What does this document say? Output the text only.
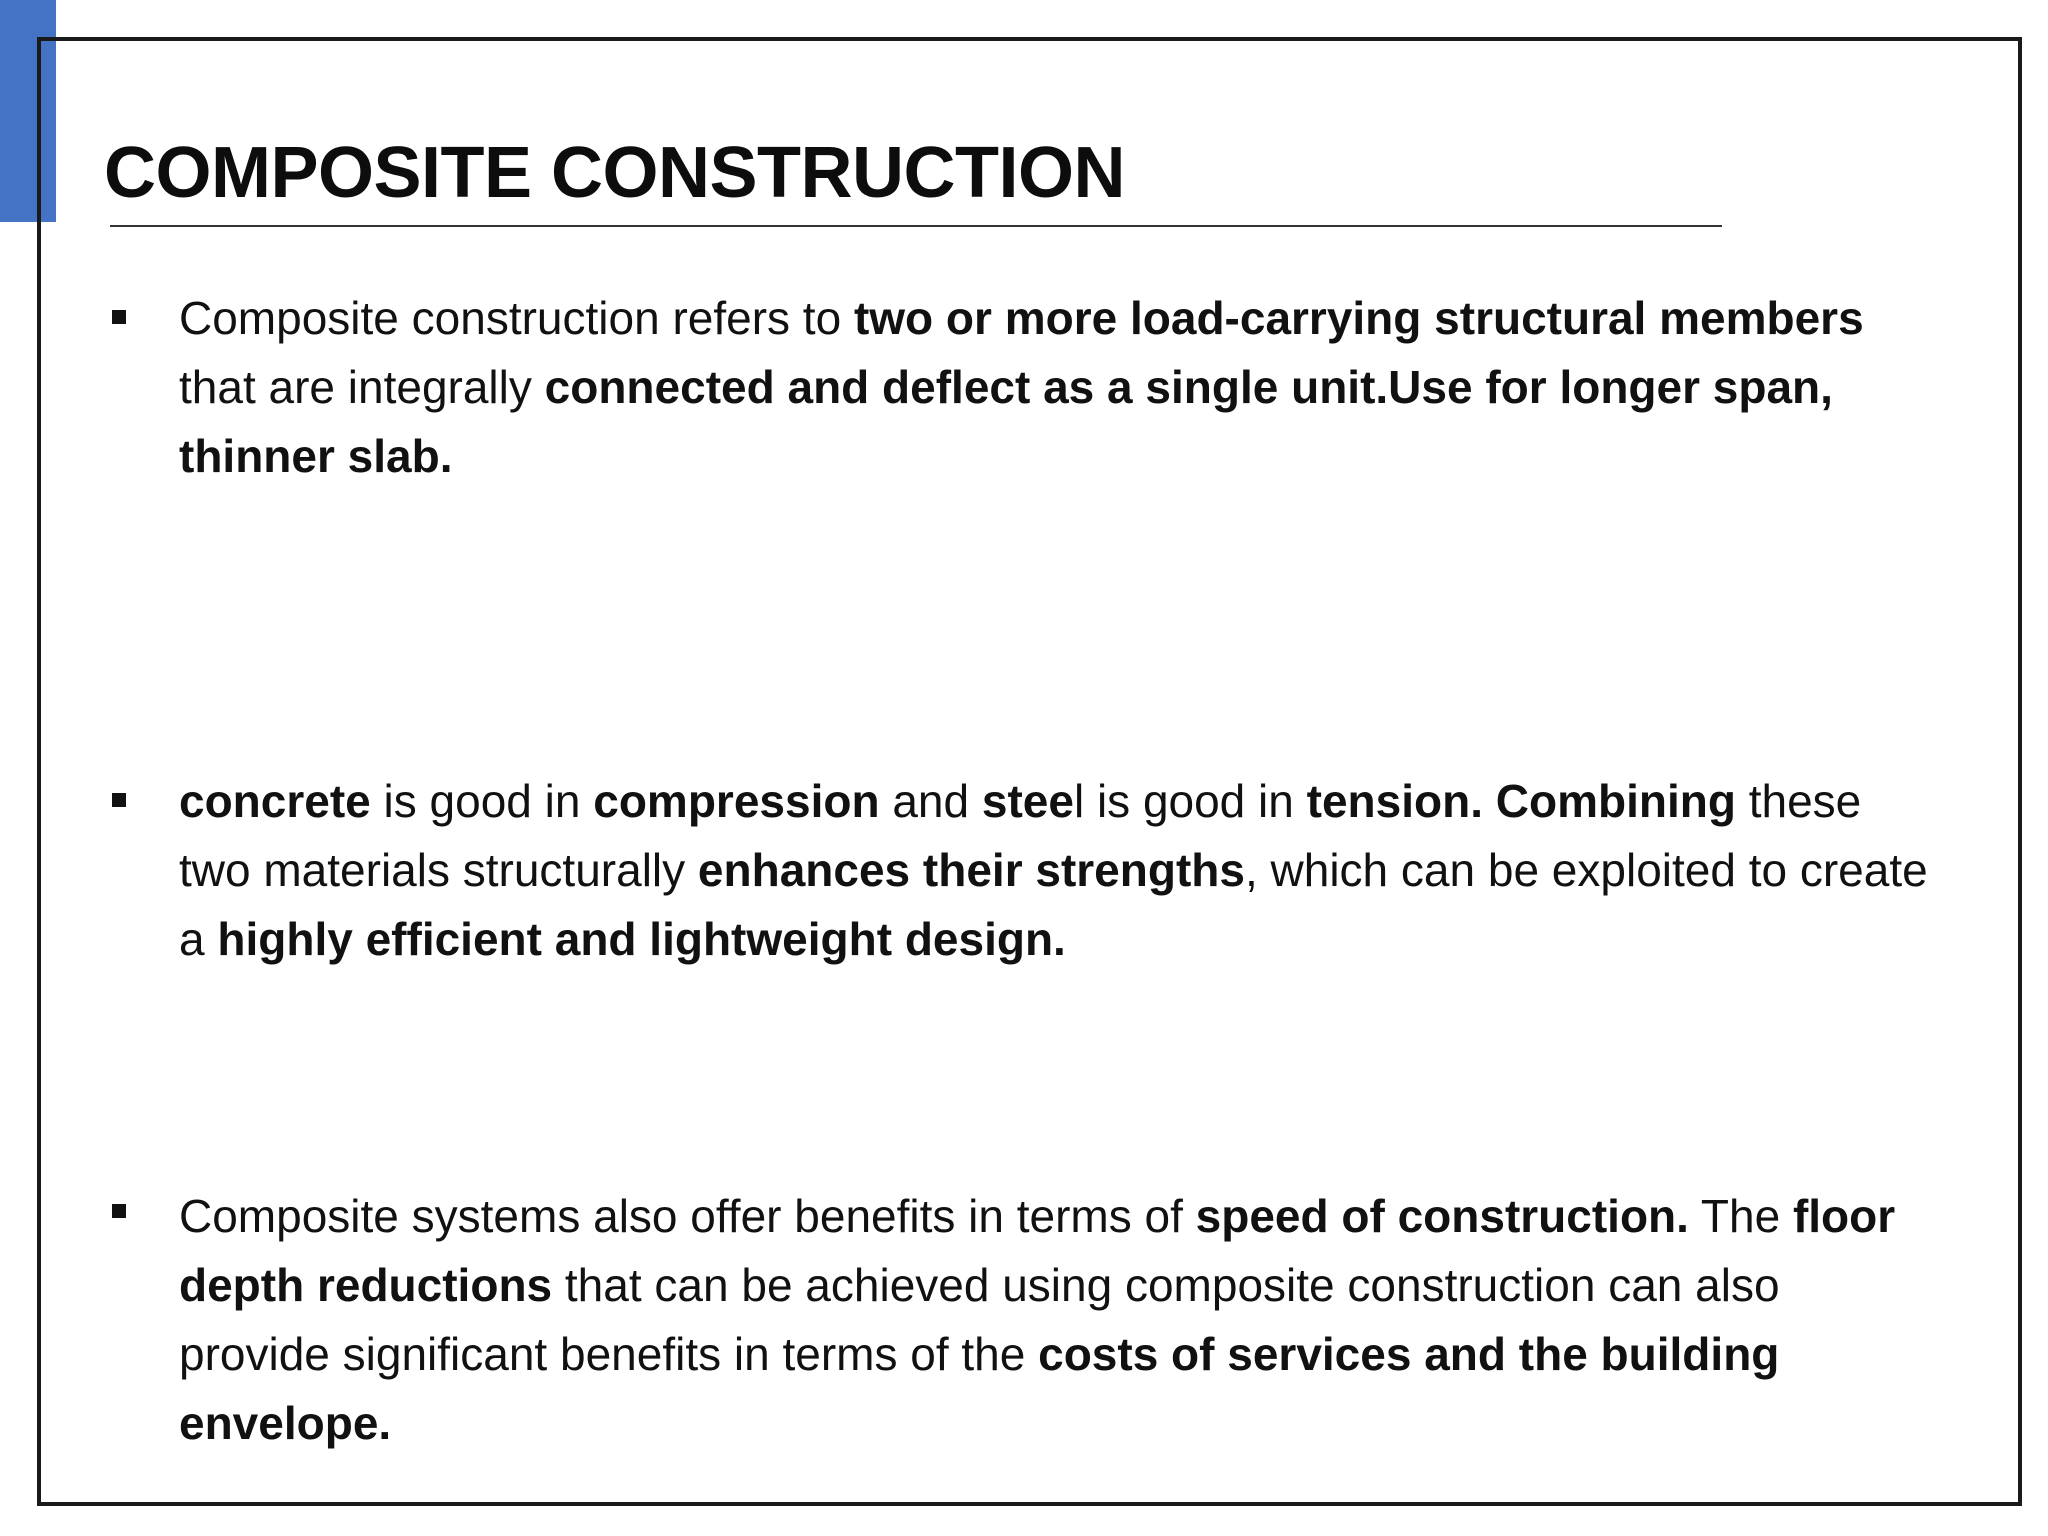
COMPOSITE CONSTRUCTION

Composite construction refers to two or more load-carrying structural members that are integrally connected and deflect as a single unit.Use for longer span, thinner slab.

concrete is good in compression and steel is good in tension. Combining these two materials structurally enhances their strengths, which can be exploited to create a highly efficient and lightweight design.

Composite systems also offer benefits in terms of speed of construction. The floor depth reductions that can be achieved using composite construction can also provide significant benefits in terms of the costs of services and the building envelope.
